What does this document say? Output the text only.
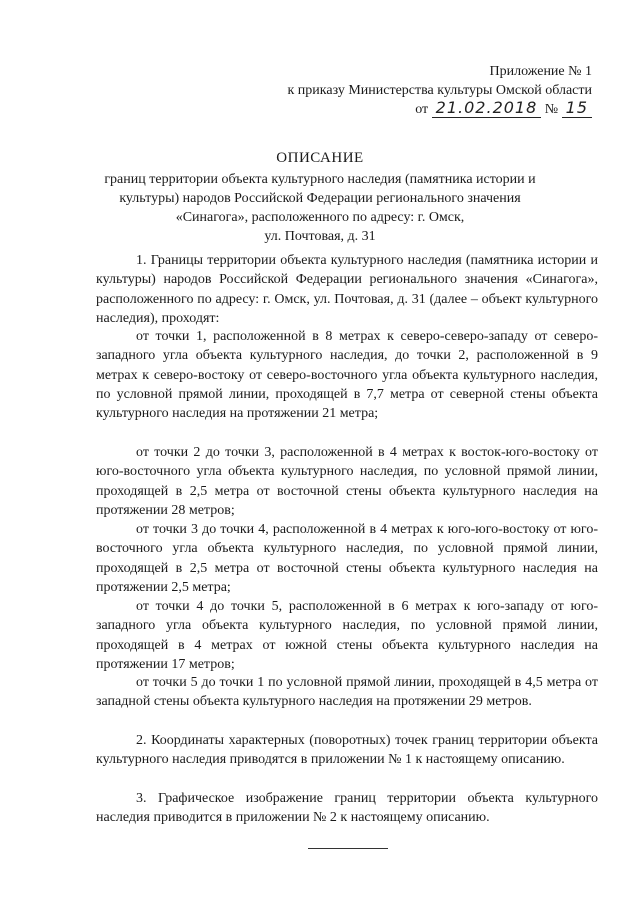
Приложение № 1
к приказу Министерства культуры Омской области
от 21.02.2018 № 15
ОПИСАНИЕ
границ территории объекта культурного наследия (памятника истории и
культуры) народов Российской Федерации регионального значения
«Синагога», расположенного по адресу: г. Омск,
ул. Почтовая, д. 31
1. Границы территории объекта культурного наследия (памятника истории и культуры) народов Российской Федерации регионального значения «Синагога», расположенного по адресу: г. Омск, ул. Почтовая, д. 31 (далее – объект культурного наследия), проходят:
от точки 1, расположенной в 8 метрах к северо-северо-западу от северо-западного угла объекта культурного наследия, до точки 2, расположенной в 9 метрах к северо-востоку от северо-восточного угла объекта культурного наследия, по условной прямой линии, проходящей в 7,7 метра от северной стены объекта культурного наследия на протяжении 21 метра;
от точки 2 до точки 3, расположенной в 4 метрах к восток-юго-востоку от юго-восточного угла объекта культурного наследия, по условной прямой линии, проходящей в 2,5 метра от восточной стены объекта культурного наследия на протяжении 28 метров;
от точки 3 до точки 4, расположенной в 4 метрах к юго-юго-востоку от юго-восточного угла объекта культурного наследия, по условной прямой линии, проходящей в 2,5 метра от восточной стены объекта культурного наследия на протяжении 2,5 метра;
от точки 4 до точки 5, расположенной в 6 метрах к юго-западу от юго-западного угла объекта культурного наследия, по условной прямой линии, проходящей в 4 метрах от южной стены объекта культурного наследия на протяжении 17 метров;
от точки 5 до точки 1 по условной прямой линии, проходящей в 4,5 метра от западной стены объекта культурного наследия на протяжении 29 метров.
2. Координаты характерных (поворотных) точек границ территории объекта культурного наследия приводятся в приложении № 1 к настоящему описанию.
3. Графическое изображение границ территории объекта культурного наследия приводится в приложении № 2 к настоящему описанию.
